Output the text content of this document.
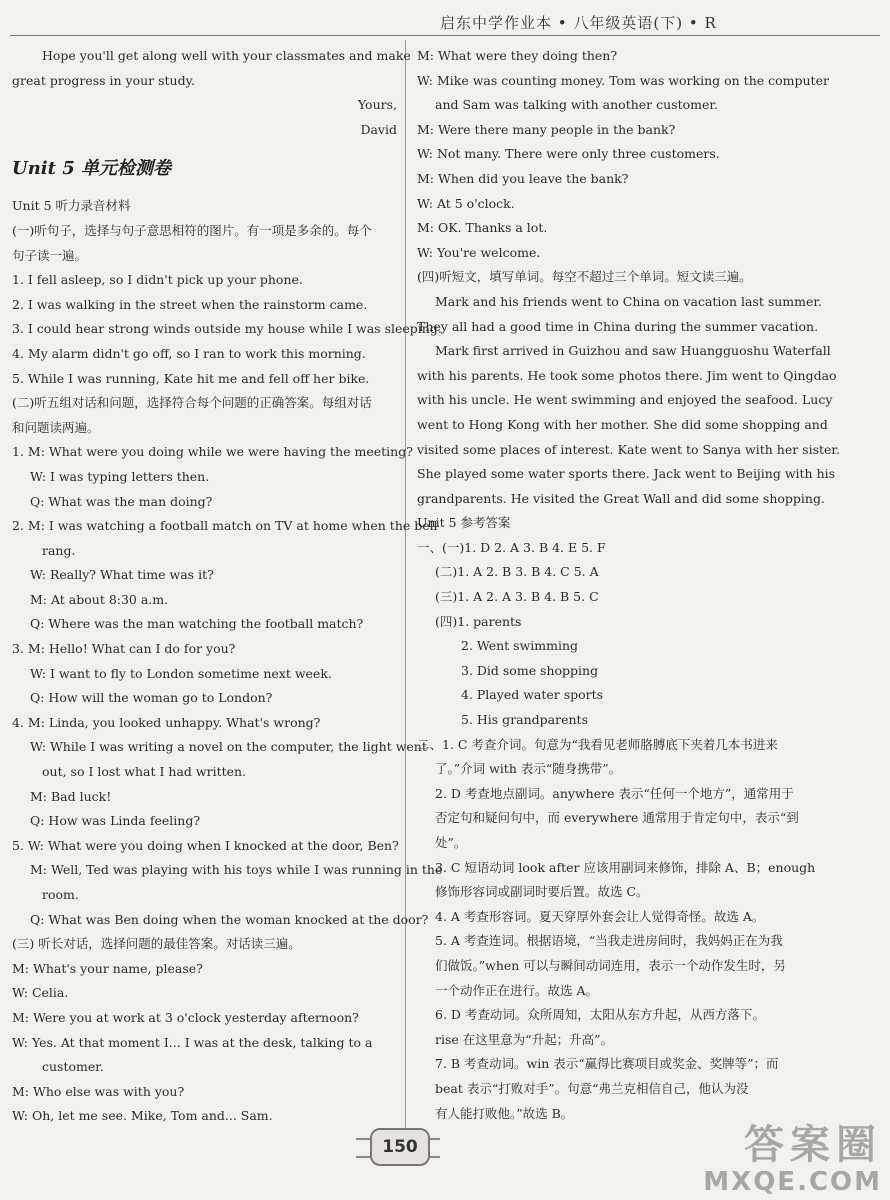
启东中学作业本 • 八年级英语(下) • R
Hope you'll get along well with your classmates and make
great progress in your study.
Yours,
David
Unit 5 单元检测卷
Unit 5 听力录音材料
(一)听句子，选择与句子意思相符的图片。有一项是多余的。每个
句子读一遍。
1. I fell asleep, so I didn't pick up your phone.
2. I was walking in the street when the rainstorm came.
3. I could hear strong winds outside my house while I was sleeping.
4. My alarm didn't go off, so I ran to work this morning.
5. While I was running, Kate hit me and fell off her bike.
(二)听五组对话和问题，选择符合每个问题的正确答案。每组对话
和问题读两遍。
1. M: What were you doing while we were having the meeting?
W: I was typing letters then.
Q: What was the man doing?
2. M: I was watching a football match on TV at home when the bell
rang.
W: Really? What time was it?
M: At about 8:30 a.m.
Q: Where was the man watching the football match?
3. M: Hello! What can I do for you?
W: I want to fly to London sometime next week.
Q: How will the woman go to London?
4. M: Linda, you looked unhappy. What's wrong?
W: While I was writing a novel on the computer, the light went
out, so I lost what I had written.
M: Bad luck!
Q: How was Linda feeling?
5. W: What were you doing when I knocked at the door, Ben?
M: Well, Ted was playing with his toys while I was running in the
room.
Q: What was Ben doing when the woman knocked at the door?
(三) 听长对话，选择问题的最佳答案。对话读三遍。
M: What's your name, please?
W: Celia.
M: Were you at work at 3 o'clock yesterday afternoon?
W: Yes. At that moment I... I was at the desk, talking to a
customer.
M: Who else was with you?
W: Oh, let me see. Mike, Tom and... Sam.
M: What were they doing then?
W: Mike was counting money. Tom was working on the computer
and Sam was talking with another customer.
M: Were there many people in the bank?
W: Not many. There were only three customers.
M: When did you leave the bank?
W: At 5 o'clock.
M: OK. Thanks a lot.
W: You're welcome.
(四)听短文，填写单词。每空不超过三个单词。短文读三遍。
Mark and his friends went to China on vacation last summer.
They all had a good time in China during the summer vacation.
Mark first arrived in Guizhou and saw Huangguoshu Waterfall
with his parents. He took some photos there. Jim went to Qingdao
with his uncle. He went swimming and enjoyed the seafood. Lucy
went to Hong Kong with her mother. She did some shopping and
visited some places of interest. Kate went to Sanya with her sister.
She played some water sports there. Jack went to Beijing with his
grandparents. He visited the Great Wall and did some shopping.
Unit 5 参考答案
一、(一)1. D 2. A 3. B 4. E 5. F
(二)1. A 2. B 3. B 4. C 5. A
(三)1. A 2. A 3. B 4. B 5. C
(四)1. parents
2. Went swimming
3. Did some shopping
4. Played water sports
5. His grandparents
二、1. C 考查介词。句意为“我看见老师胳膊底下夹着几本书进来
了。”介词 with 表示“随身携带”。
2. D 考查地点副词。anywhere 表示“任何一个地方”，通常用于
否定句和疑问句中，而 everywhere 通常用于肯定句中，表示“到
处”。
3. C 短语动词 look after 应该用副词来修饰，排除 A、B；enough
修饰形容词或副词时要后置。故选 C。
4. A 考查形容词。夏天穿厚外套会让人觉得奇怪。故选 A。
5. A 考查连词。根据语境，“当我走进房间时，我妈妈正在为我
们做饭。”when 可以与瞬间动词连用，表示一个动作发生时，另
一个动作正在进行。故选 A。
6. D 考查动词。众所周知，太阳从东方升起，从西方落下。
rise 在这里意为“升起；升高”。
7. B 考查动词。win 表示“赢得比赛项目或奖金、奖牌等”；而
beat 表示“打败对手”。句意“弗兰克相信自己，他认为没
有人能打败他。”故选 B。
150	答案圈
MXQE.COM
